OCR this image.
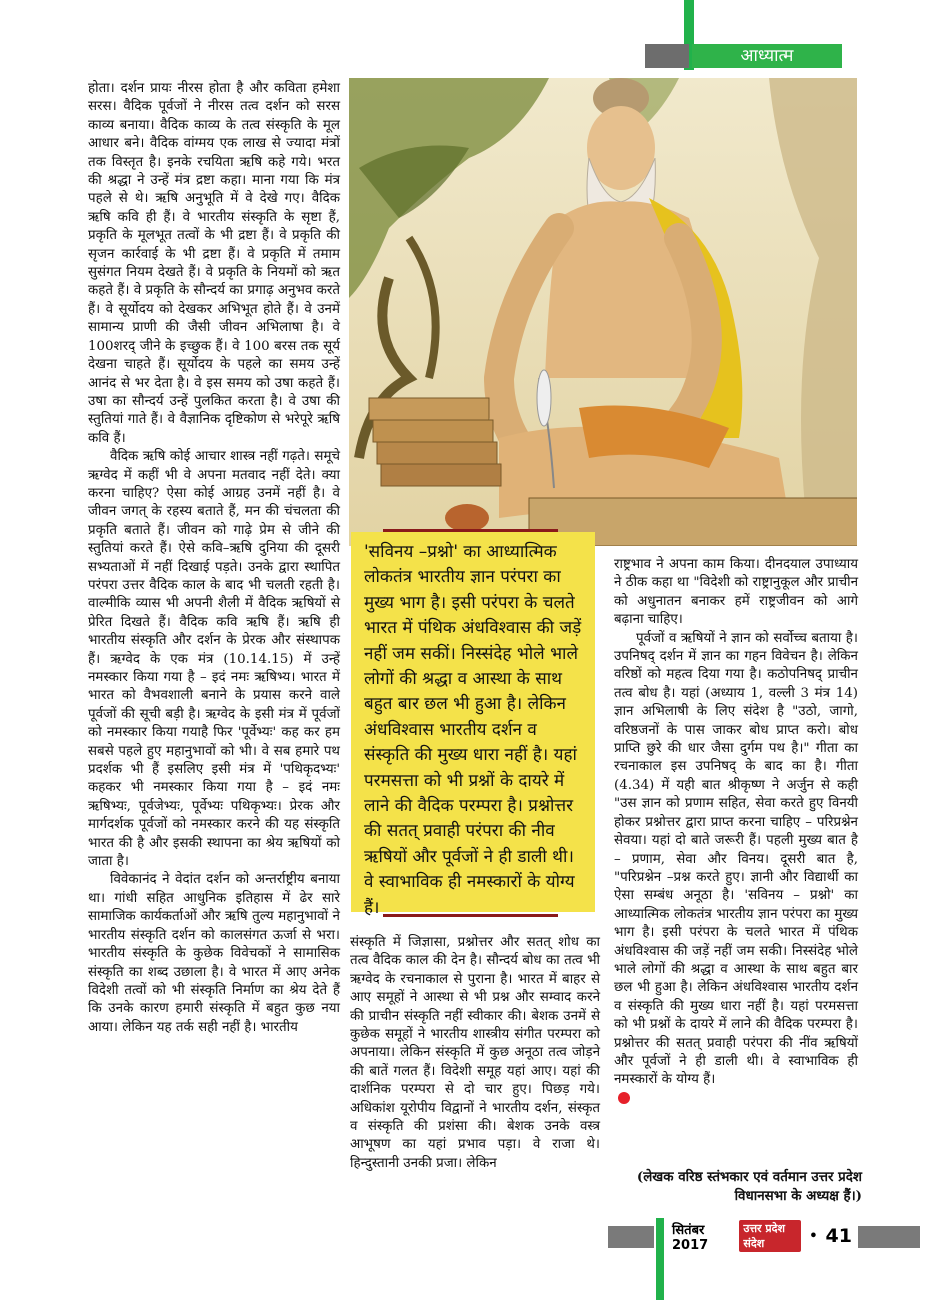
आध्यात्म

होता। दर्शन प्रायः नीरस होता है और कविता हमेशा सरस। वैदिक पूर्वजों ने नीरस तत्व दर्शन को सरस काव्य बनाया। वैदिक काव्य के तत्व संस्कृति के मूल आधार बने। वैदिक वांग्मय एक लाख से ज्यादा मंत्रों तक विस्तृत है। इनके रचयिता ऋषि कहे गये। भरत की श्रद्धा ने उन्हें मंत्र द्रष्टा कहा। माना गया कि मंत्र पहले से थे। ऋषि अनुभूति में वे देखे गए। वैदिक ऋषि कवि ही हैं। वे भारतीय संस्कृति के सृष्टा हैं, प्रकृति के मूलभूत तत्वों के भी द्रष्टा हैं। वे प्रकृति की सृजन कार्रवाई के भी द्रष्टा हैं। वे प्रकृति में तमाम सुसंगत नियम देखते हैं। वे प्रकृति के नियमों को ऋत कहते हैं। वे प्रकृति के सौन्दर्य का प्रगाढ़ अनुभव करते हैं। वे सूर्योदय को देखकर अभिभूत होते हैं। वे उनमें सामान्य प्राणी की जैसी जीवन अभिलाषा है। वे 100शरद् जीने के इच्छुक हैं। वे 100 बरस तक सूर्य देखना चाहते हैं। सूर्योदय के पहले का समय उन्हें आनंद से भर देता है। वे इस समय को उषा कहते हैं। उषा का सौन्दर्य उन्हें पुलकित करता है। वे उषा की स्तुतियां गाते हैं। वे वैज्ञानिक दृष्टिकोण से भरेपूरे ऋषि कवि हैं।

वैदिक ऋषि कोई आचार शास्त्र नहीं गढ़ते। समूचे ऋग्वेद में कहीं भी वे अपना मतवाद नहीं देते। क्या करना चाहिए? ऐसा कोई आग्रह उनमें नहीं है। वे जीवन जगत् के रहस्य बताते हैं, मन की चंचलता की प्रकृति बताते हैं। जीवन को गाढ़े प्रेम से जीने की स्तुतियां करते हैं। ऐसे कवि–ऋषि दुनिया की दूसरी सभ्यताओं में नहीं दिखाई पड़ते। उनके द्वारा स्थापित परंपरा उत्तर वैदिक काल के बाद भी चलती रहती है। वाल्मीकि व्यास भी अपनी शैली में वैदिक ऋषियों से प्रेरित दिखते हैं। वैदिक कवि ऋषि हैं। ऋषि ही भारतीय संस्कृति और दर्शन के प्रेरक और संस्थापक हैं। ऋग्वेद के एक मंत्र (10.14.15) में उन्हें नमस्कार किया गया है – इदं नमः ऋषिभ्य। भारत में भारत को वैभवशाली बनाने के प्रयास करने वाले पूर्वजों की सूची बड़ी है। ऋग्वेद के इसी मंत्र में पूर्वजों को नमस्कार किया गयाहै फिर 'पूर्वेभ्यः' कह कर हम सबसे पहले हुए महानुभावों को भी। वे सब हमारे पथ प्रदर्शक भी हैं इसलिए इसी मंत्र में 'पथिकृदभ्यः' कहकर भी नमस्कार किया गया है – इदं नमः ऋषिभ्यः, पूर्वजेभ्यः, पूर्वेभ्यः पथिकृभ्यः। प्रेरक और मार्गदर्शक पूर्वजों को नमस्कार करने की यह संस्कृति भारत की है और इसकी स्थापना का श्रेय ऋषियों को जाता है।

विवेकानंद ने वेदांत दर्शन को अन्तर्राष्ट्रीय बनाया था। गांधी सहित आधुनिक इतिहास में ढेर सारे सामाजिक कार्यकर्ताओं और ऋषि तुल्य महानुभावों ने भारतीय संस्कृति दर्शन को कालसंगत ऊर्जा से भरा। भारतीय संस्कृति के कुछेक विवेचकों ने सामासिक संस्कृति का शब्द उछाला है। वे भारत में आए अनेक विदेशी तत्वों को भी संस्कृति निर्माण का श्रेय देते हैं कि उनके कारण हमारी संस्कृति में बहुत कुछ नया आया। लेकिन यह तर्क सही नहीं है। भारतीय

'सविनय –प्रश्नो' का आध्यात्मिक लोकतंत्र भारतीय ज्ञान परंपरा का मुख्य भाग है। इसी परंपरा के चलते भारत में पंथिक अंधविश्वास की जड़ें नहीं जम सकीं। निस्संदेह भोले भाले लोगों की श्रद्धा व आस्था के साथ बहुत बार छल भी हुआ है। लेकिन अंधविश्वास भारतीय दर्शन व संस्कृति की मुख्य धारा नहीं है। यहां परमसत्ता को भी प्रश्नों के दायरे में लाने की वैदिक परम्परा है। प्रश्नोत्तर की सतत् प्रवाही परंपरा की नीव ऋषियों और पूर्वजों ने ही डाली थी। वे स्वाभाविक ही नमस्कारों के योग्य हैं।

संस्कृति में जिज्ञासा, प्रश्नोत्तर और सतत् शोध का तत्व वैदिक काल की देन है। सौन्दर्य बोध का तत्व भी ऋग्वेद के रचनाकाल से पुराना है। भारत में बाहर से आए समूहों ने आस्था से भी प्रश्न और सम्वाद करने की प्राचीन संस्कृति नहीं स्वीकार की। बेशक उनमें से कुछेक समूहों ने भारतीय शास्त्रीय संगीत परम्परा को अपनाया। लेकिन संस्कृति में कुछ अनूठा तत्व जोड़ने की बातें गलत हैं। विदेशी समूह यहां आए। यहां की दार्शनिक परम्परा से दो चार हुए। पिछड़ गये। अधिकांश यूरोपीय विद्वानों ने भारतीय दर्शन, संस्कृत व संस्कृति की प्रशंसा की। बेशक उनके वस्त्र आभूषण का यहां प्रभाव पड़ा। वे राजा थे। हिन्दुस्तानी उनकी प्रजा। लेकिन

राष्ट्रभाव ने अपना काम किया। दीनदयाल उपाध्याय ने ठीक कहा था "विदेशी को राष्ट्रानुकूल और प्राचीन को अधुनातन बनाकर हमें राष्ट्रजीवन को आगे बढ़ाना चाहिए।

पूर्वजों व ऋषियों ने ज्ञान को सर्वोच्च बताया है। उपनिषद् दर्शन में ज्ञान का गहन विवेचन है। लेकिन वरिष्ठों को महत्व दिया गया है। कठोपनिषद् प्राचीन तत्व बोध है। यहां (अध्याय 1, वल्ली 3 मंत्र 14) ज्ञान अभिलाषी के लिए संदेश है "उठो, जागो, वरिष्ठजनों के पास जाकर बोध प्राप्त करो। बोध प्राप्ति छुरे की धार जैसा दुर्गम पथ है।" गीता का रचनाकाल इस उपनिषद् के बाद का है। गीता (4.34) में यही बात श्रीकृष्ण ने अर्जुन से कही "उस ज्ञान को प्रणाम सहित, सेवा करते हुए विनयी होकर प्रश्नोत्तर द्वारा प्राप्त करना चाहिए – परिप्रश्नेन सेवया। यहां दो बाते जरूरी हैं। पहली मुख्य बात है – प्रणाम, सेवा और विनय। दूसरी बात है, "परिप्रश्नेन –प्रश्न करते हुए। ज्ञानी और विद्यार्थी का ऐसा सम्बंध अनूठा है। 'सविनय – प्रश्नो' का आध्यात्मिक लोकतंत्र भारतीय ज्ञान परंपरा का मुख्य भाग है। इसी परंपरा के चलते भारत में पंथिक अंधविश्वास की जड़ें नहीं जम सकी। निस्संदेह भोले भाले लोगों की श्रद्धा व आस्था के साथ बहुत बार छल भी हुआ है। लेकिन अंधविश्वास भारतीय दर्शन व संस्कृति की मुख्य धारा नहीं है। यहां परमसत्ता को भी प्रश्नों के दायरे में लाने की वैदिक परम्परा है। प्रश्नोत्तर की सतत् प्रवाही परंपरा की नींव ऋषियों और पूर्वजों ने ही डाली थी। वे स्वाभाविक ही नमस्कारों के योग्य हैं।

(लेखक वरिष्ठ स्तंभकार एवं वर्तमान उत्तर प्रदेश विधानसभा के अध्यक्ष हैं।)
सितंबर 2017
उत्तर प्रदेश संदेश	• 41
